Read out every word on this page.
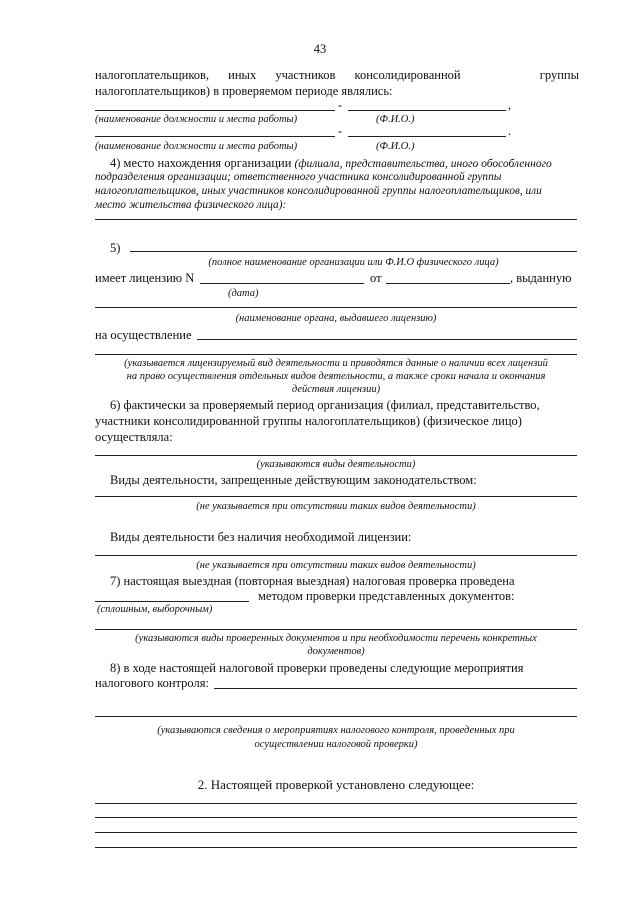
43
налогоплательщиков, иных участников консолидированной	группы
налогоплательщиков) в проверяемом периоде являлись:
-	,
(наименование должности и места работы)	(Ф.И.О.)
-	.
(наименование должности и места работы)	(Ф.И.О.)
4) место нахождения организации (филиала, представительства, иного обособленного
подразделения организации; ответственного участника консолидированной группы
налогоплательщиков, иных участников консолидированной группы налогоплательщиков, или
место жительства физического лица):
5)
(полное наименование организации или Ф.И.О физического лица)
имеет лицензию N	от	, выданную
(дата)
(наименование органа, выдавшего лицензию)
на осуществление
(указывается лицензируемый вид деятельности и приводятся данные о наличии всех лицензий
на право осуществления отдельных видов деятельности, а также сроки начала и окончания
действия лицензии)
6) фактически за проверяемый период организация (филиал, представительство,
участники консолидированной группы налогоплательщиков) (физическое лицо)
осуществляла:
(указываются виды деятельности)
Виды деятельности, запрещенные действующим законодательством:
(не указывается при отсутствии таких видов деятельности)
Виды деятельности без наличия необходимой лицензии:
(не указывается при отсутствии таких видов деятельности)
7) настоящая выездная (повторная выездная) налоговая проверка проведена
методом проверки представленных документов:
(сплошным, выборочным)
(указываются виды проверенных документов и при необходимости перечень конкретных
документов)
8) в ходе настоящей налоговой проверки проведены следующие мероприятия
налогового контроля:
(указываются сведения о мероприятиях налогового контроля, проведенных при
осуществлении налоговой проверки)
2. Настоящей проверкой установлено следующее:
